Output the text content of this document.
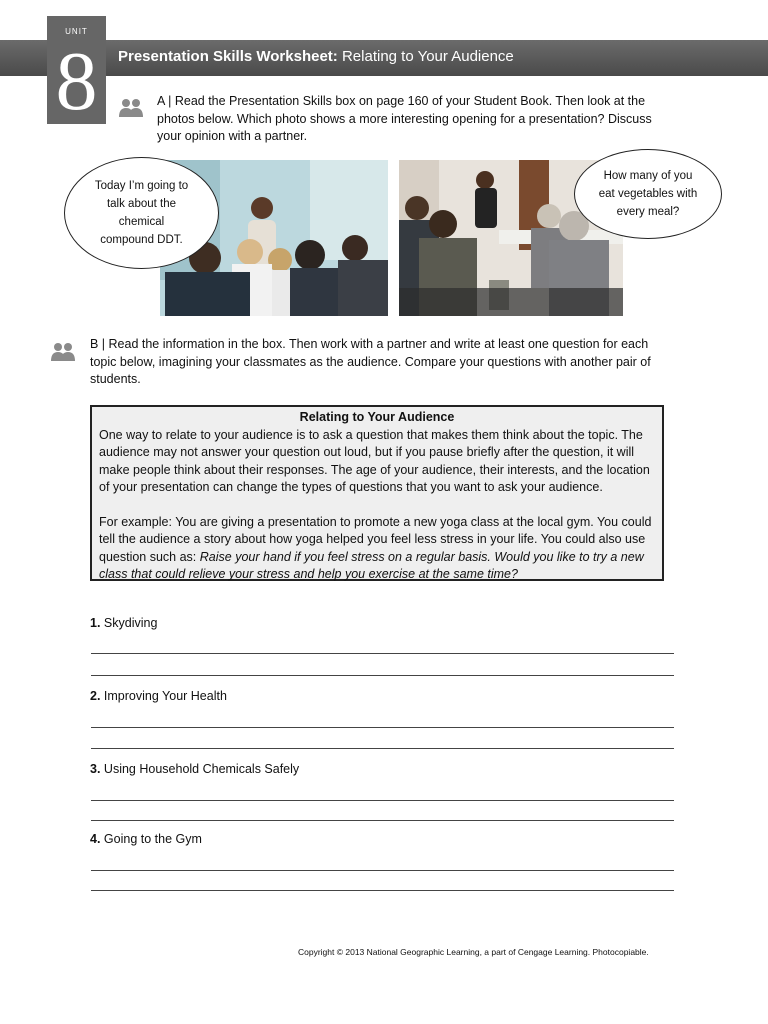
UNIT
8	Presentation Skills Worksheet: Relating to Your Audience
A | Read the Presentation Skills box on page 160 of your Student Book. Then look at the photos below. Which photo shows a more interesting opening for a presentation? Discuss your opinion with a partner.
Today I’m going to talk about the chemical compound DDT.
How many of you eat vegetables with every meal?
B | Read the information in the box. Then work with a partner and write at least one question for each topic below, imagining your classmates as the audience. Compare your questions with another pair of students.
Relating to Your Audience
One way to relate to your audience is to ask a question that makes them think about the topic. The audience may not answer your question out loud, but if you pause briefly after the question, it will make people think about their responses. The age of your audience, their interests, and the location of your presentation can change the types of questions that you want to ask your audience.
For example: You are giving a presentation to promote a new yoga class at the local gym. You could tell the audience a story about how yoga helped you feel less stress in your life. You could also use question such as: Raise your hand if you feel stress on a regular basis. Would you like to try a new class that could relieve your stress and help you exercise at the same time?
1. Skydiving
2. Improving Your Health
3. Using Household Chemicals Safely
4. Going to the Gym
Copyright © 2013 National Geographic Learning, a part of Cengage Learning. Photocopiable.
